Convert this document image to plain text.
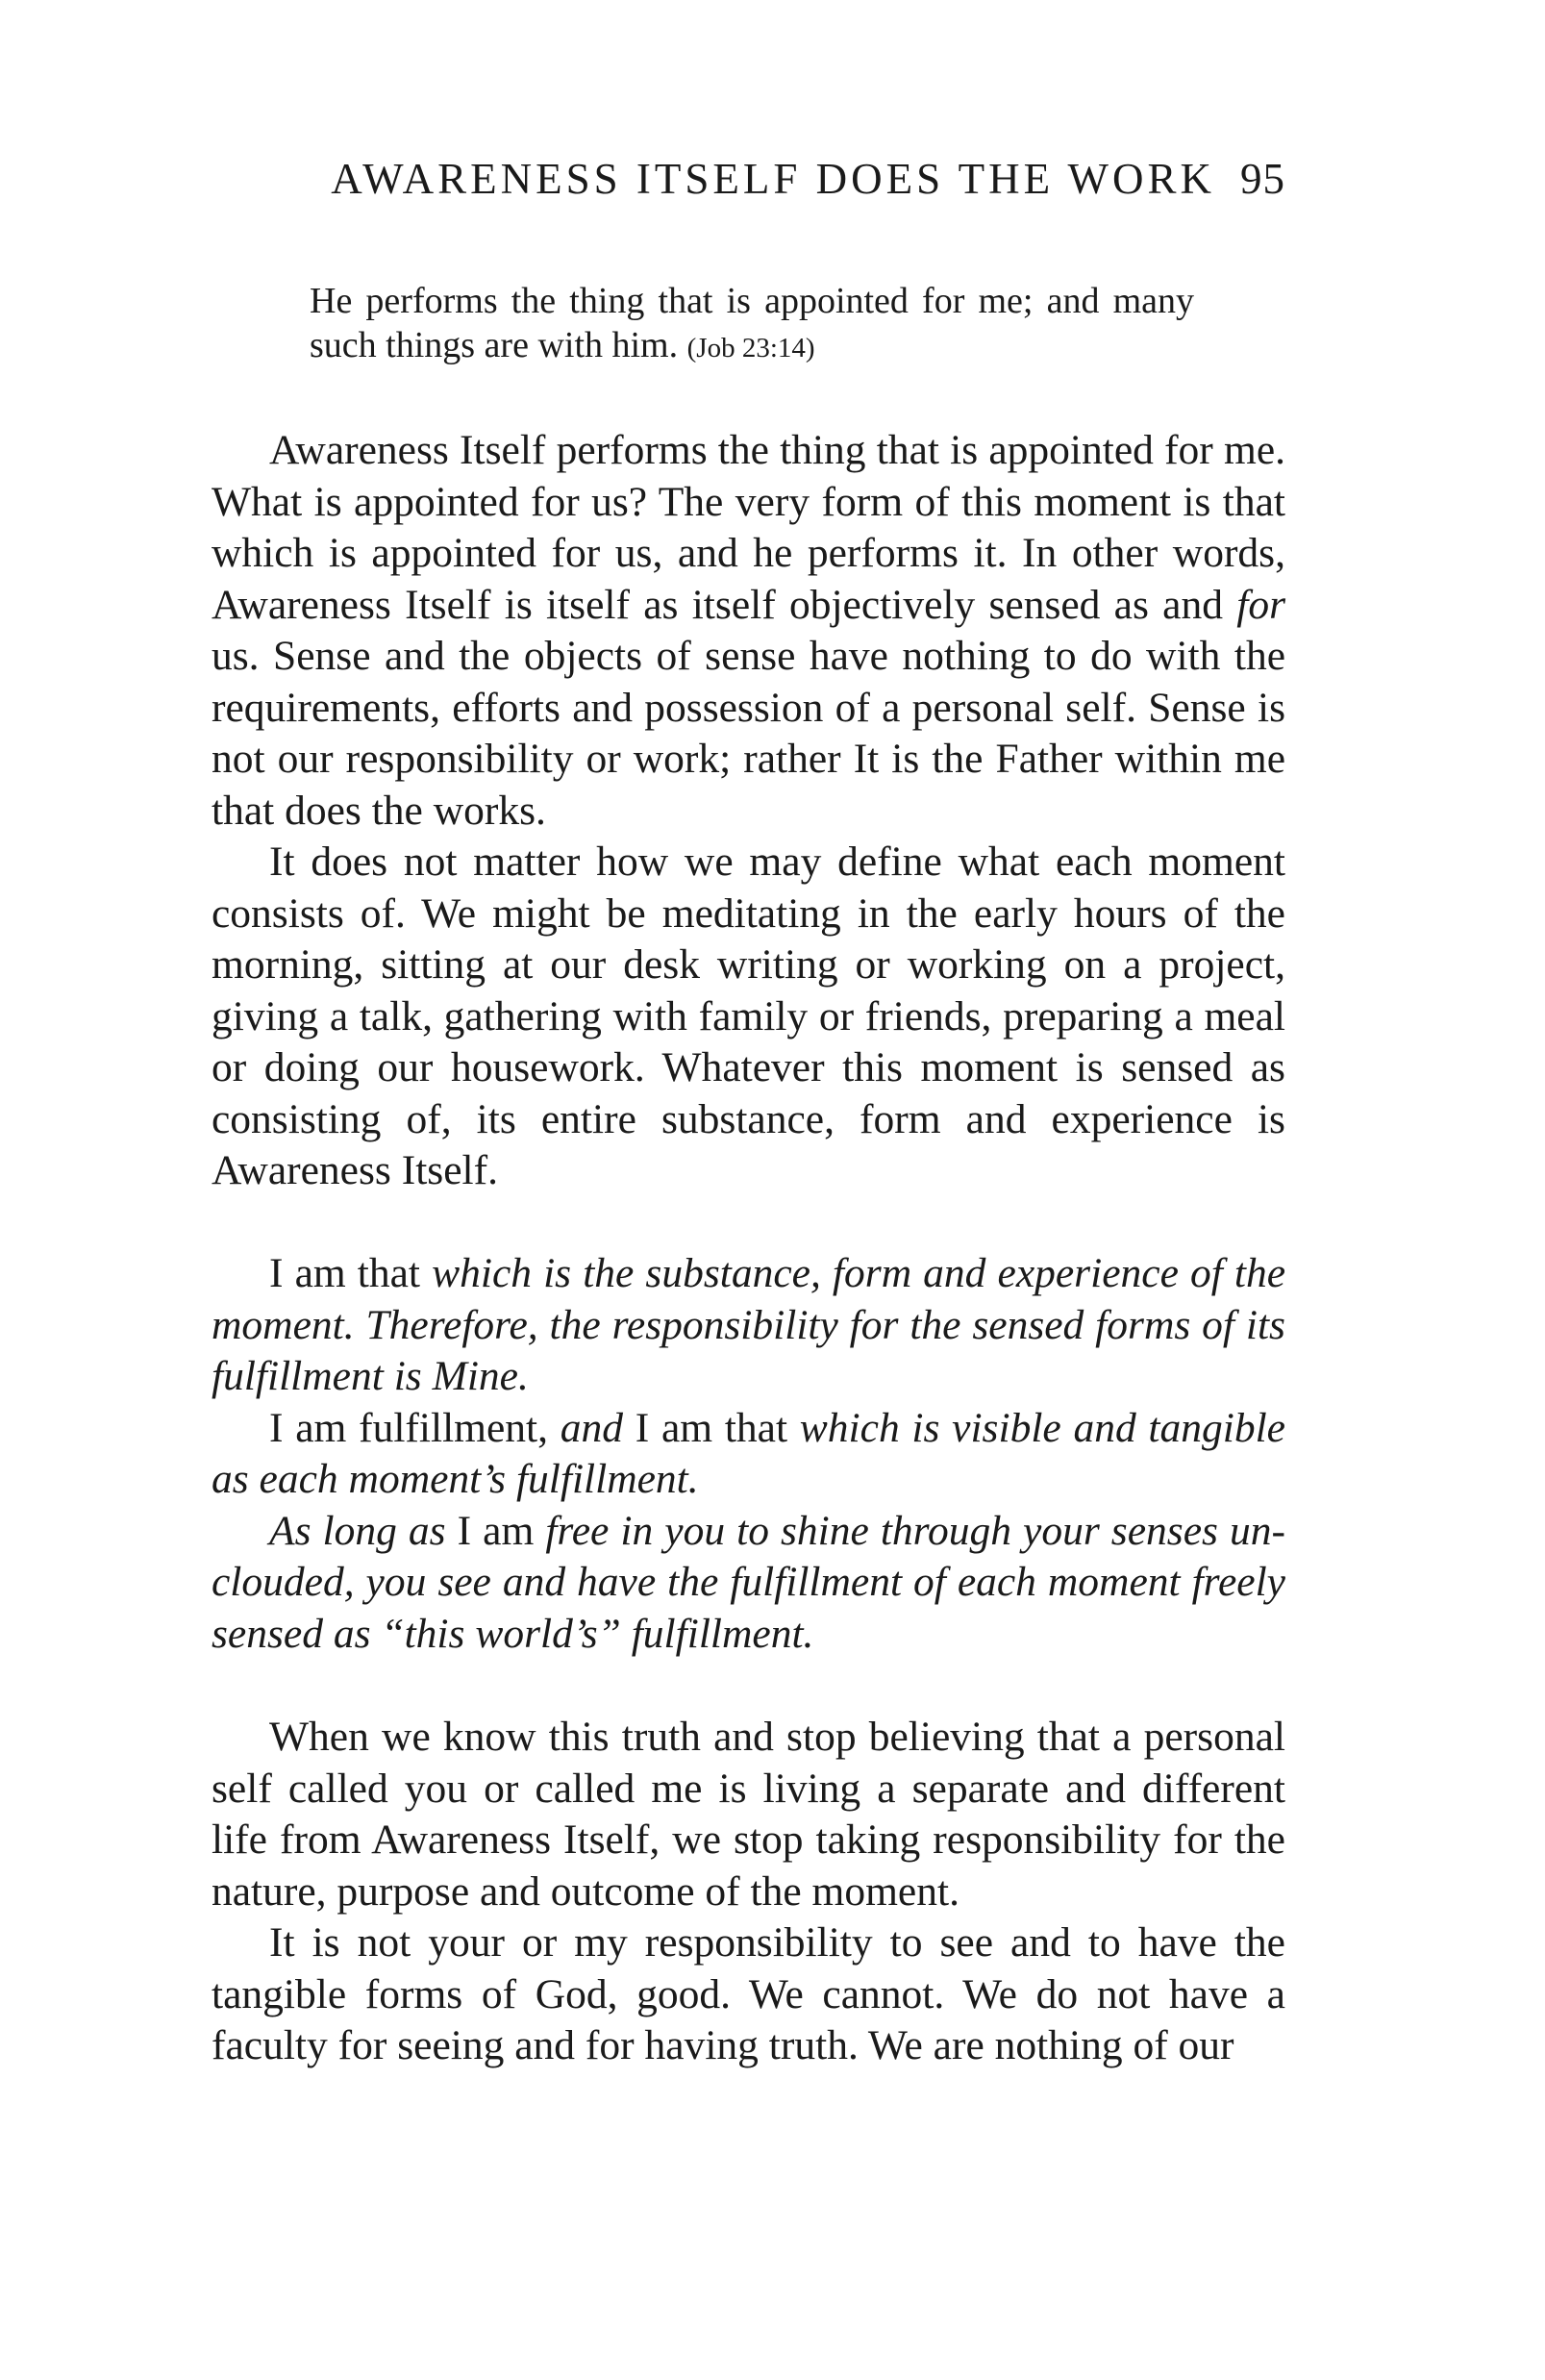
AWARENESS ITSELF DOES THE WORK 95
He performs the thing that is appointed for me; and many such things are with him. (Job 23:14)

Awareness Itself performs the thing that is appointed for me. What is appointed for us? The very form of this moment is that which is appointed for us, and he performs it. In other words, Awareness Itself is itself as itself objectively sensed as and for us. Sense and the objects of sense have nothing to do with the requirements, efforts and possession of a personal self. Sense is not our responsibility or work; rather It is the Father within me that does the works.

It does not matter how we may define what each moment consists of. We might be meditating in the early hours of the morning, sitting at our desk writing or working on a project, giving a talk, gathering with family or friends, preparing a meal or doing our housework. Whatever this moment is sensed as consisting of, its entire substance, form and experience is Awareness Itself.

I am that which is the substance, form and experience of the moment. Therefore, the responsibility for the sensed forms of its fulfillment is Mine.

I am fulfillment, and I am that which is visible and tangible as each moment’s fulfillment.

As long as I am free in you to shine through your senses unclouded, you see and have the fulfillment of each moment freely sensed as “this world’s” fulfillment.

When we know this truth and stop believing that a personal self called you or called me is living a separate and different life from Awareness Itself, we stop taking responsibility for the nature, purpose and outcome of the moment.

It is not your or my responsibility to see and to have the tangible forms of God, good. We cannot. We do not have a faculty for seeing and for having truth. We are nothing of our
